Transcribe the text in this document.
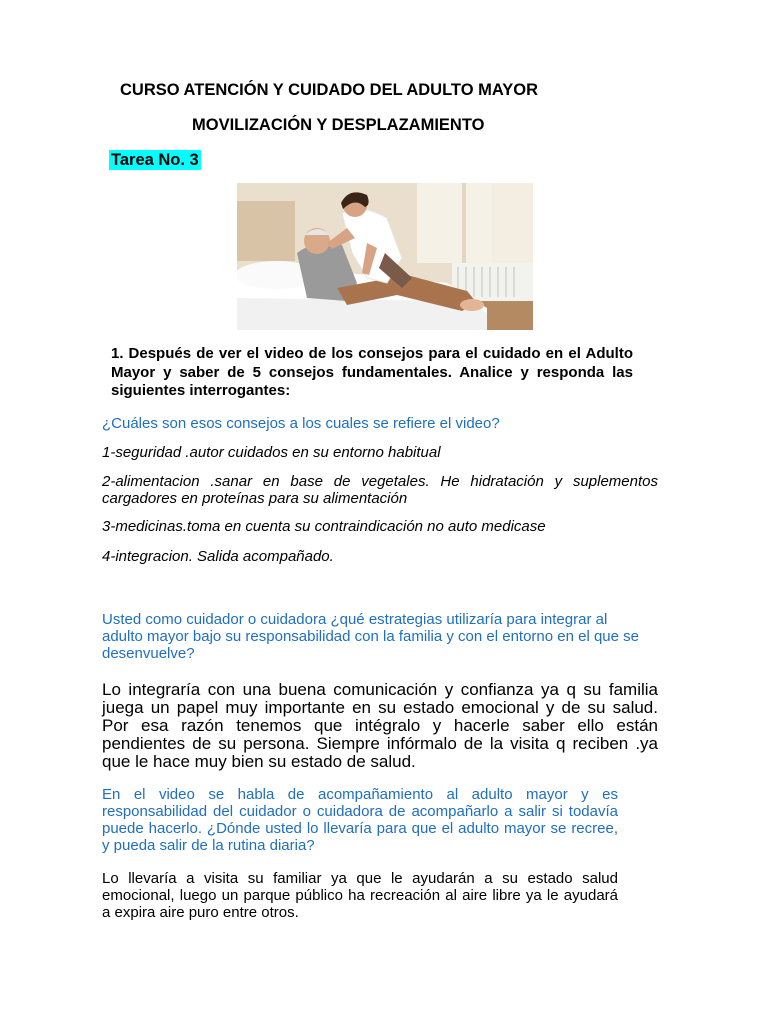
CURSO ATENCIÓN Y CUIDADO DEL ADULTO MAYOR
MOVILIZACIÓN Y DESPLAZAMIENTO
Tarea No. 3
1. Después de ver el video de los consejos para el cuidado en el Adulto Mayor y saber de 5 consejos fundamentales. Analice y responda las siguientes interrogantes:
¿Cuáles son esos consejos a los cuales se refiere el video?
1-seguridad .autor cuidados en su entorno habitual
2-alimentacion .sanar en base de vegetales. He hidratación y suplementos cargadores en proteínas para su alimentación
3-medicinas.toma en cuenta su contraindicación no auto medicase
4-integracion. Salida acompañado.
Usted como cuidador o cuidadora ¿qué estrategias utilizaría para integrar al adulto mayor bajo su responsabilidad con la familia y con el entorno en el que se desenvuelve?
Lo integraría con una buena comunicación y confianza ya q su familia juega un papel muy importante en su estado emocional y de su salud. Por esa razón tenemos que intégralo y hacerle saber ello están pendientes de su persona. Siempre infórmalo de la visita q reciben .ya que le hace muy bien su estado de salud.
En el video se habla de acompañamiento al adulto mayor y es responsabilidad del cuidador o cuidadora de acompañarlo a salir si todavía puede hacerlo. ¿Dónde usted lo llevaría para que el adulto mayor se recree, y pueda salir de la rutina diaria?
Lo llevaría a visita su familiar ya que le ayudarán a su estado salud emocional, luego un parque público ha recreación al aire libre ya le ayudará a expira aire puro entre otros.
